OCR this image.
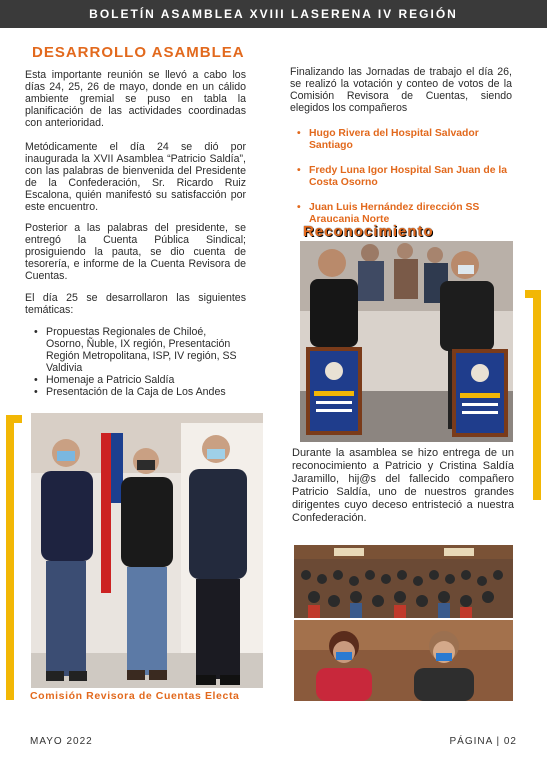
BOLETÍN ASAMBLEA XVIII LASERENA IV REGIÓN
DESARROLLO ASAMBLEA

Esta importante reunión se llevó a cabo los días 24, 25, 26 de mayo, donde en un cálido ambiente gremial se puso en tabla la planificación de las actividades coordinadas con anterioridad.

Metódicamente el día 24 se dió por inaugurada la XVII Asamblea “Patricio Saldía”, con las palabras de bienvenida del Presidente de la Confederación, Sr. Ricardo Ruiz Escalona, quién manifestó su satisfacción por este encuentro.

Posterior a las palabras del presidente, se entregó la Cuenta Pública Sindical; prosiguiendo la pauta, se dio cuenta de tesorería, e informe de la Cuenta Revisora de Cuentas.

El día 25 se desarrollaron las siguientes temáticas:

• Propuestas Regionales de Chiloé, Osorno, Ñuble, IX región, Presentación Región Metropolitana, ISP, IV región, SS Valdivia
• Homenaje a Patricio Saldía
• Presentación de la Caja de Los Andes
Comisión Revisora de Cuentas Electa

Finalizando las Jornadas de trabajo el día 26, se realizó la votación y conteo de votos de la Comisión Revisora de Cuentas, siendo elegidos los compañeros

• Hugo Rivera del Hospital Salvador Santiago
• Fredy Luna Igor Hospital San Juan de la Costa Osorno
• Juan Luis Hernández dirección SS Araucania Norte
Reconocimiento

Durante la asamblea se hizo entrega de un reconocimiento a Patricio y Cristina Saldía Jaramillo, hij@s del fallecido compañero Patricio Saldía, uno de nuestros grandes dirigentes cuyo deceso entristeció a nuestra Confederación.

MAYO 2022	PÁGINA | 02
